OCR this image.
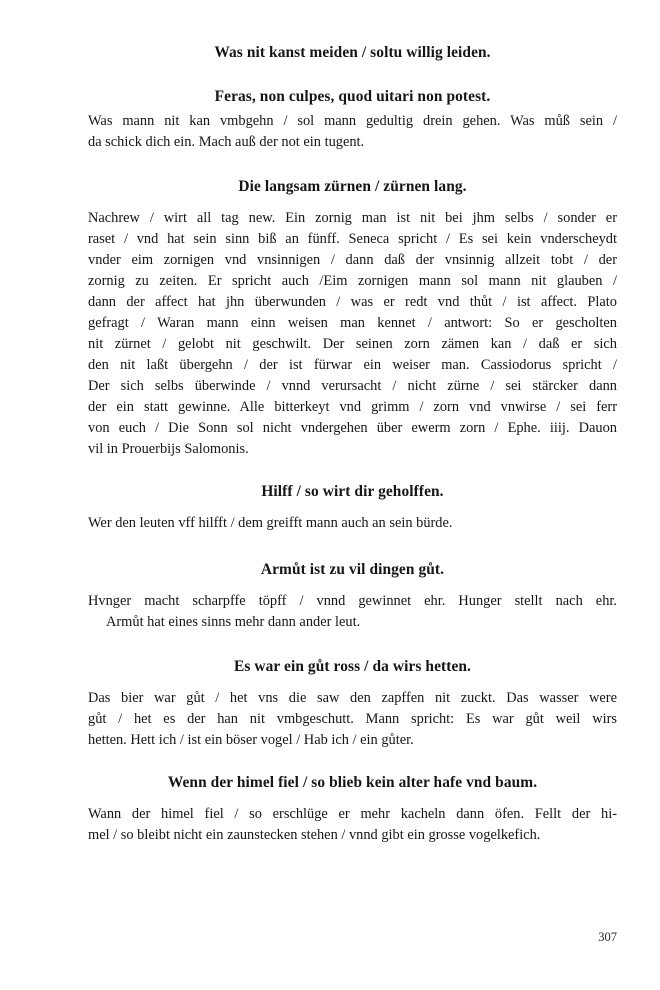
Was nit kanst meiden / soltu willig leiden.
Feras, non culpes, quod uitari non potest.
Was mann nit kan vmbgehn / sol mann gedultig drein gehen. Was můß sein /
da schick dich ein. Mach auß der not ein tugent.
Die langsam zürnen / zürnen lang.
Nachrew / wirt all tag new. Ein zornig man ist nit bei jhm selbs / sonder er
raset / vnd hat sein sinn biß an fünff. Seneca spricht / Es sei kein vnderscheydt
vnder eim zornigen vnd vnsinnigen / dann daß der vnsinnig allzeit tobt / der
zornig zu zeiten. Er spricht auch /Eim zornigen mann sol mann nit glauben /
dann der affect hat jhn überwunden / was er redt vnd thůt / ist affect. Plato
gefragt / Waran mann einn weisen man kennet / antwort: So er gescholten
nit zürnet / gelobt nit geschwilt. Der seinen zorn zämen kan / daß er sich
den nit laßt übergehn / der ist fürwar ein weiser man. Cassiodorus spricht /
Der sich selbs überwinde / vnnd verursacht / nicht zürne / sei stärcker dann
der ein statt gewinne. Alle bitterkeyt vnd grimm / zorn vnd vnwirse / sei ferr
von euch / Die Sonn sol nicht vndergehen über ewerm zorn / Ephe. iiij. Dauon
vil in Prouerbijs Salomonis.
Hilff / so wirt dir geholffen.
Wer den leuten vff hilfft / dem greifft mann auch an sein bürde.
Armůt ist zu vil dingen gůt.
Hvnger macht scharpffe töpff / vnnd gewinnet ehr. Hunger stellt nach ehr.
Armůt hat eines sinns mehr dann ander leut.
Es war ein gůt ross / da wirs hetten.
Das bier war gůt / het vns die saw den zapffen nit zuckt. Das wasser were
gůt / het es der han nit vmbgeschutt. Mann spricht: Es war gůt weil wirs
hetten. Hett ich / ist ein böser vogel / Hab ich / ein gůter.
Wenn der himel fiel / so blieb kein alter hafe vnd baum.
Wann der himel fiel / so erschlüge er mehr kacheln dann öfen. Fellt der hi-
mel / so bleibt nicht ein zaunstecken stehen / vnnd gibt ein grosse vogelkefich.
307
